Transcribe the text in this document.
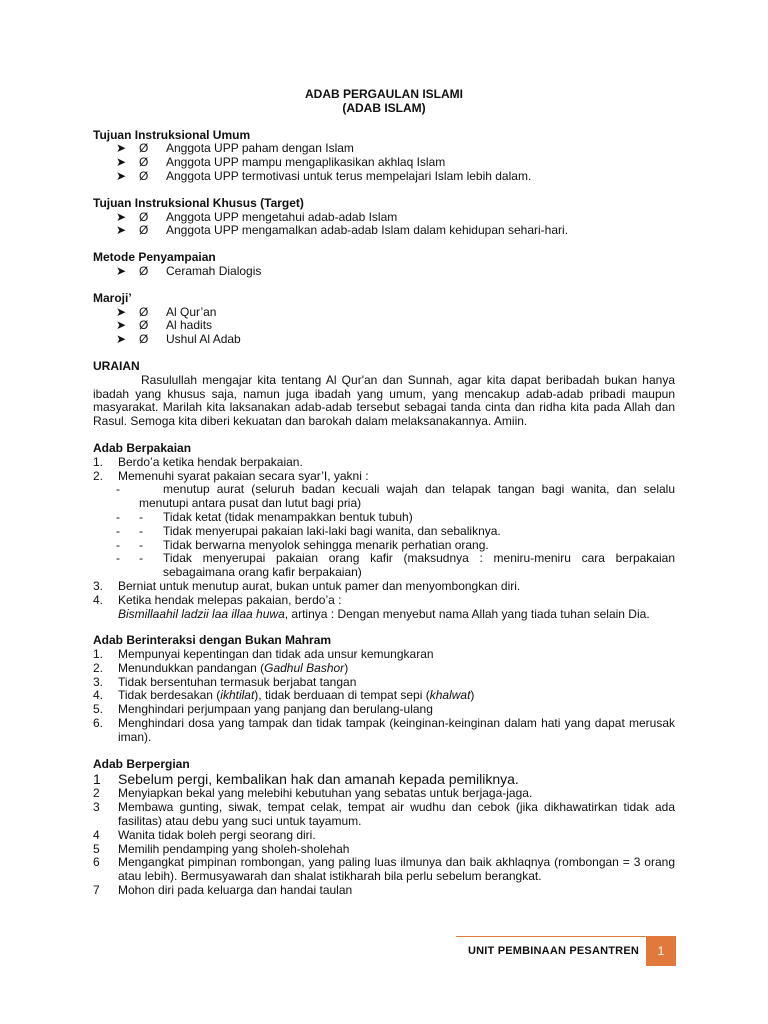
ADAB PERGAULAN ISLAMI
(ADAB ISLAM)
Tujuan Instruksional Umum
➤ Ø Anggota UPP paham dengan Islam
➤ Ø Anggota UPP mampu mengaplikasikan akhlaq Islam
➤ Ø Anggota UPP termotivasi untuk terus mempelajari Islam lebih dalam.
Tujuan Instruksional Khusus (Target)
➤ Ø Anggota UPP mengetahui adab-adab Islam
➤ Ø Anggota UPP mengamalkan adab-adab Islam dalam kehidupan sehari-hari.
Metode Penyampaian
➤ Ø Ceramah Dialogis
Maroji’
➤ Ø Al Qur’an
➤ Ø Al hadits
➤ Ø Ushul Al Adab
URAIAN
Rasulullah mengajar kita tentang Al Qur'an dan Sunnah, agar kita dapat beribadah bukan hanya ibadah yang khusus saja, namun juga ibadah yang umum, yang mencakup adab-adab pribadi maupun masyarakat. Marilah kita laksanakan adab-adab tersebut sebagai tanda cinta dan ridha kita pada Allah dan Rasul. Semoga kita diberi kekuatan dan barokah dalam melaksanakannya. Amiin.
Adab Berpakaian
1. Berdo’a ketika hendak berpakaian.
2. Memenuhi syarat pakaian secara syar’I, yakni :
-	menutup aurat (seluruh badan kecuali wajah dan telapak tangan bagi wanita, dan selalu menutupi antara pusat dan lutut bagi pria)
- - Tidak ketat (tidak menampakkan bentuk tubuh)
- - Tidak menyerupai pakaian laki-laki bagi wanita, dan sebaliknya.
- - Tidak berwarna menyolok sehingga menarik perhatian orang.
- - Tidak menyerupai pakaian orang kafir (maksudnya : meniru-meniru cara berpakaian sebagaimana orang kafir berpakaian)
3. Berniat untuk menutup aurat, bukan untuk pamer dan menyombongkan diri.
4. Ketika hendak melepas pakaian, berdo’a :
Bismillaahil ladzii laa illaa huwa, artinya : Dengan menyebut nama Allah yang tiada tuhan selain Dia.
Adab Berinteraksi dengan Bukan Mahram
1. Mempunyai kepentingan dan tidak ada unsur kemungkaran
2. Menundukkan pandangan (Gadhul Bashor)
3. Tidak bersentuhan termasuk berjabat tangan
4. Tidak berdesakan (ikhtilat), tidak berduaan di tempat sepi (khalwat)
5. Menghindari perjumpaan yang panjang dan berulang-ulang
6. Menghindari dosa yang tampak dan tidak tampak (keinginan-keinginan dalam hati yang dapat merusak iman).
Adab Berpergian
1	Sebelum pergi, kembalikan hak dan amanah kepada pemiliknya.
2	Menyiapkan bekal yang melebihi kebutuhan yang sebatas untuk berjaga-jaga.
3	Membawa gunting, siwak, tempat celak, tempat air wudhu dan cebok (jika dikhawatirkan tidak ada fasilitas) atau debu yang suci untuk tayamum.
4	Wanita tidak boleh pergi seorang diri.
5	Memilih pendamping yang sholeh-sholehah
6	Mengangkat pimpinan rombongan, yang paling luas ilmunya dan baik akhlaqnya (rombongan = 3 orang atau lebih). Bermusyawarah dan shalat istikharah bila perlu sebelum berangkat.
7	Mohon diri pada keluarga dan handai taulan
UNIT PEMBINAAN PESANTREN	1
